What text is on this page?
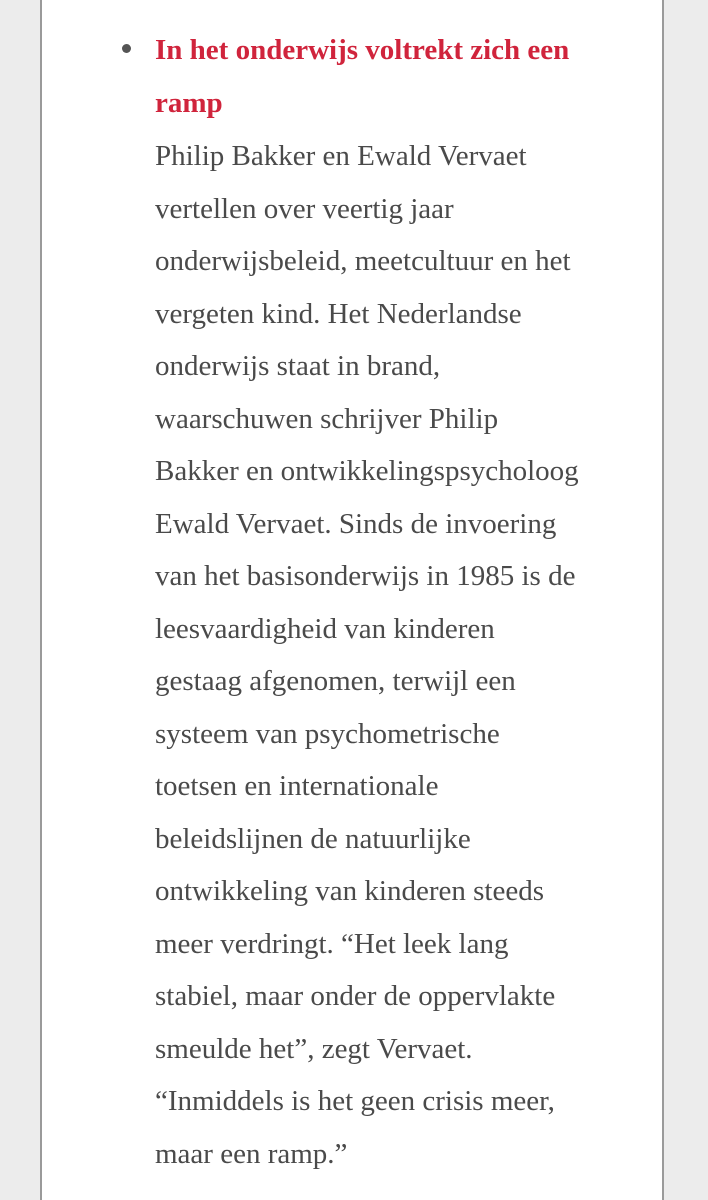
In het onderwijs voltrekt zich een ramp

Philip Bakker en Ewald Vervaet
vertellen over veertig jaar
onderwijsbeleid, meetcultuur en het
vergeten kind. Het Nederlandse
onderwijs staat in brand,
waarschuwen schrijver Philip
Bakker en ontwikkelingspsycholoog
Ewald Vervaet. Sinds de invoering
van het basisonderwijs in 1985 is de
leesvaardigheid van kinderen
gestaag afgenomen, terwijl een
systeem van psychometrische
toetsen en internationale
beleidslijnen de natuurlijke
ontwikkeling van kinderen steeds
meer verdringt. “Het leek lang
stabiel, maar onder de oppervlakte
smeulde het”, zegt Vervaet.
“Inmiddels is het geen crisis meer,
maar een ramp.”
